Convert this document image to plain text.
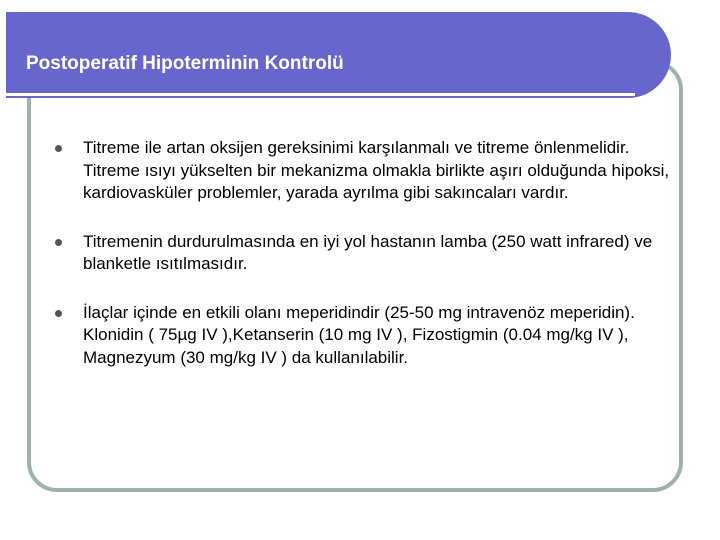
Postoperatif Hipoterminin Kontrolü
Titreme ile artan oksijen gereksinimi karşılanmalı ve titreme önlenmelidir. Titreme ısıyı yükselten bir mekanizma olmakla birlikte aşırı olduğunda hipoksi, kardiovasküler problemler, yarada ayrılma gibi sakıncaları vardır.
Titremenin durdurulmasında en iyi yol hastanın lamba (250 watt infrared) ve blanketle ısıtılmasıdır.
İlaçlar içinde en etkili olanı meperidindir (25-50 mg intravenöz meperidin). Klonidin ( 75µg IV ),Ketanserin (10 mg IV ), Fizostigmin (0.04 mg/kg IV ), Magnezyum (30 mg/kg IV ) da kullanılabilir.
